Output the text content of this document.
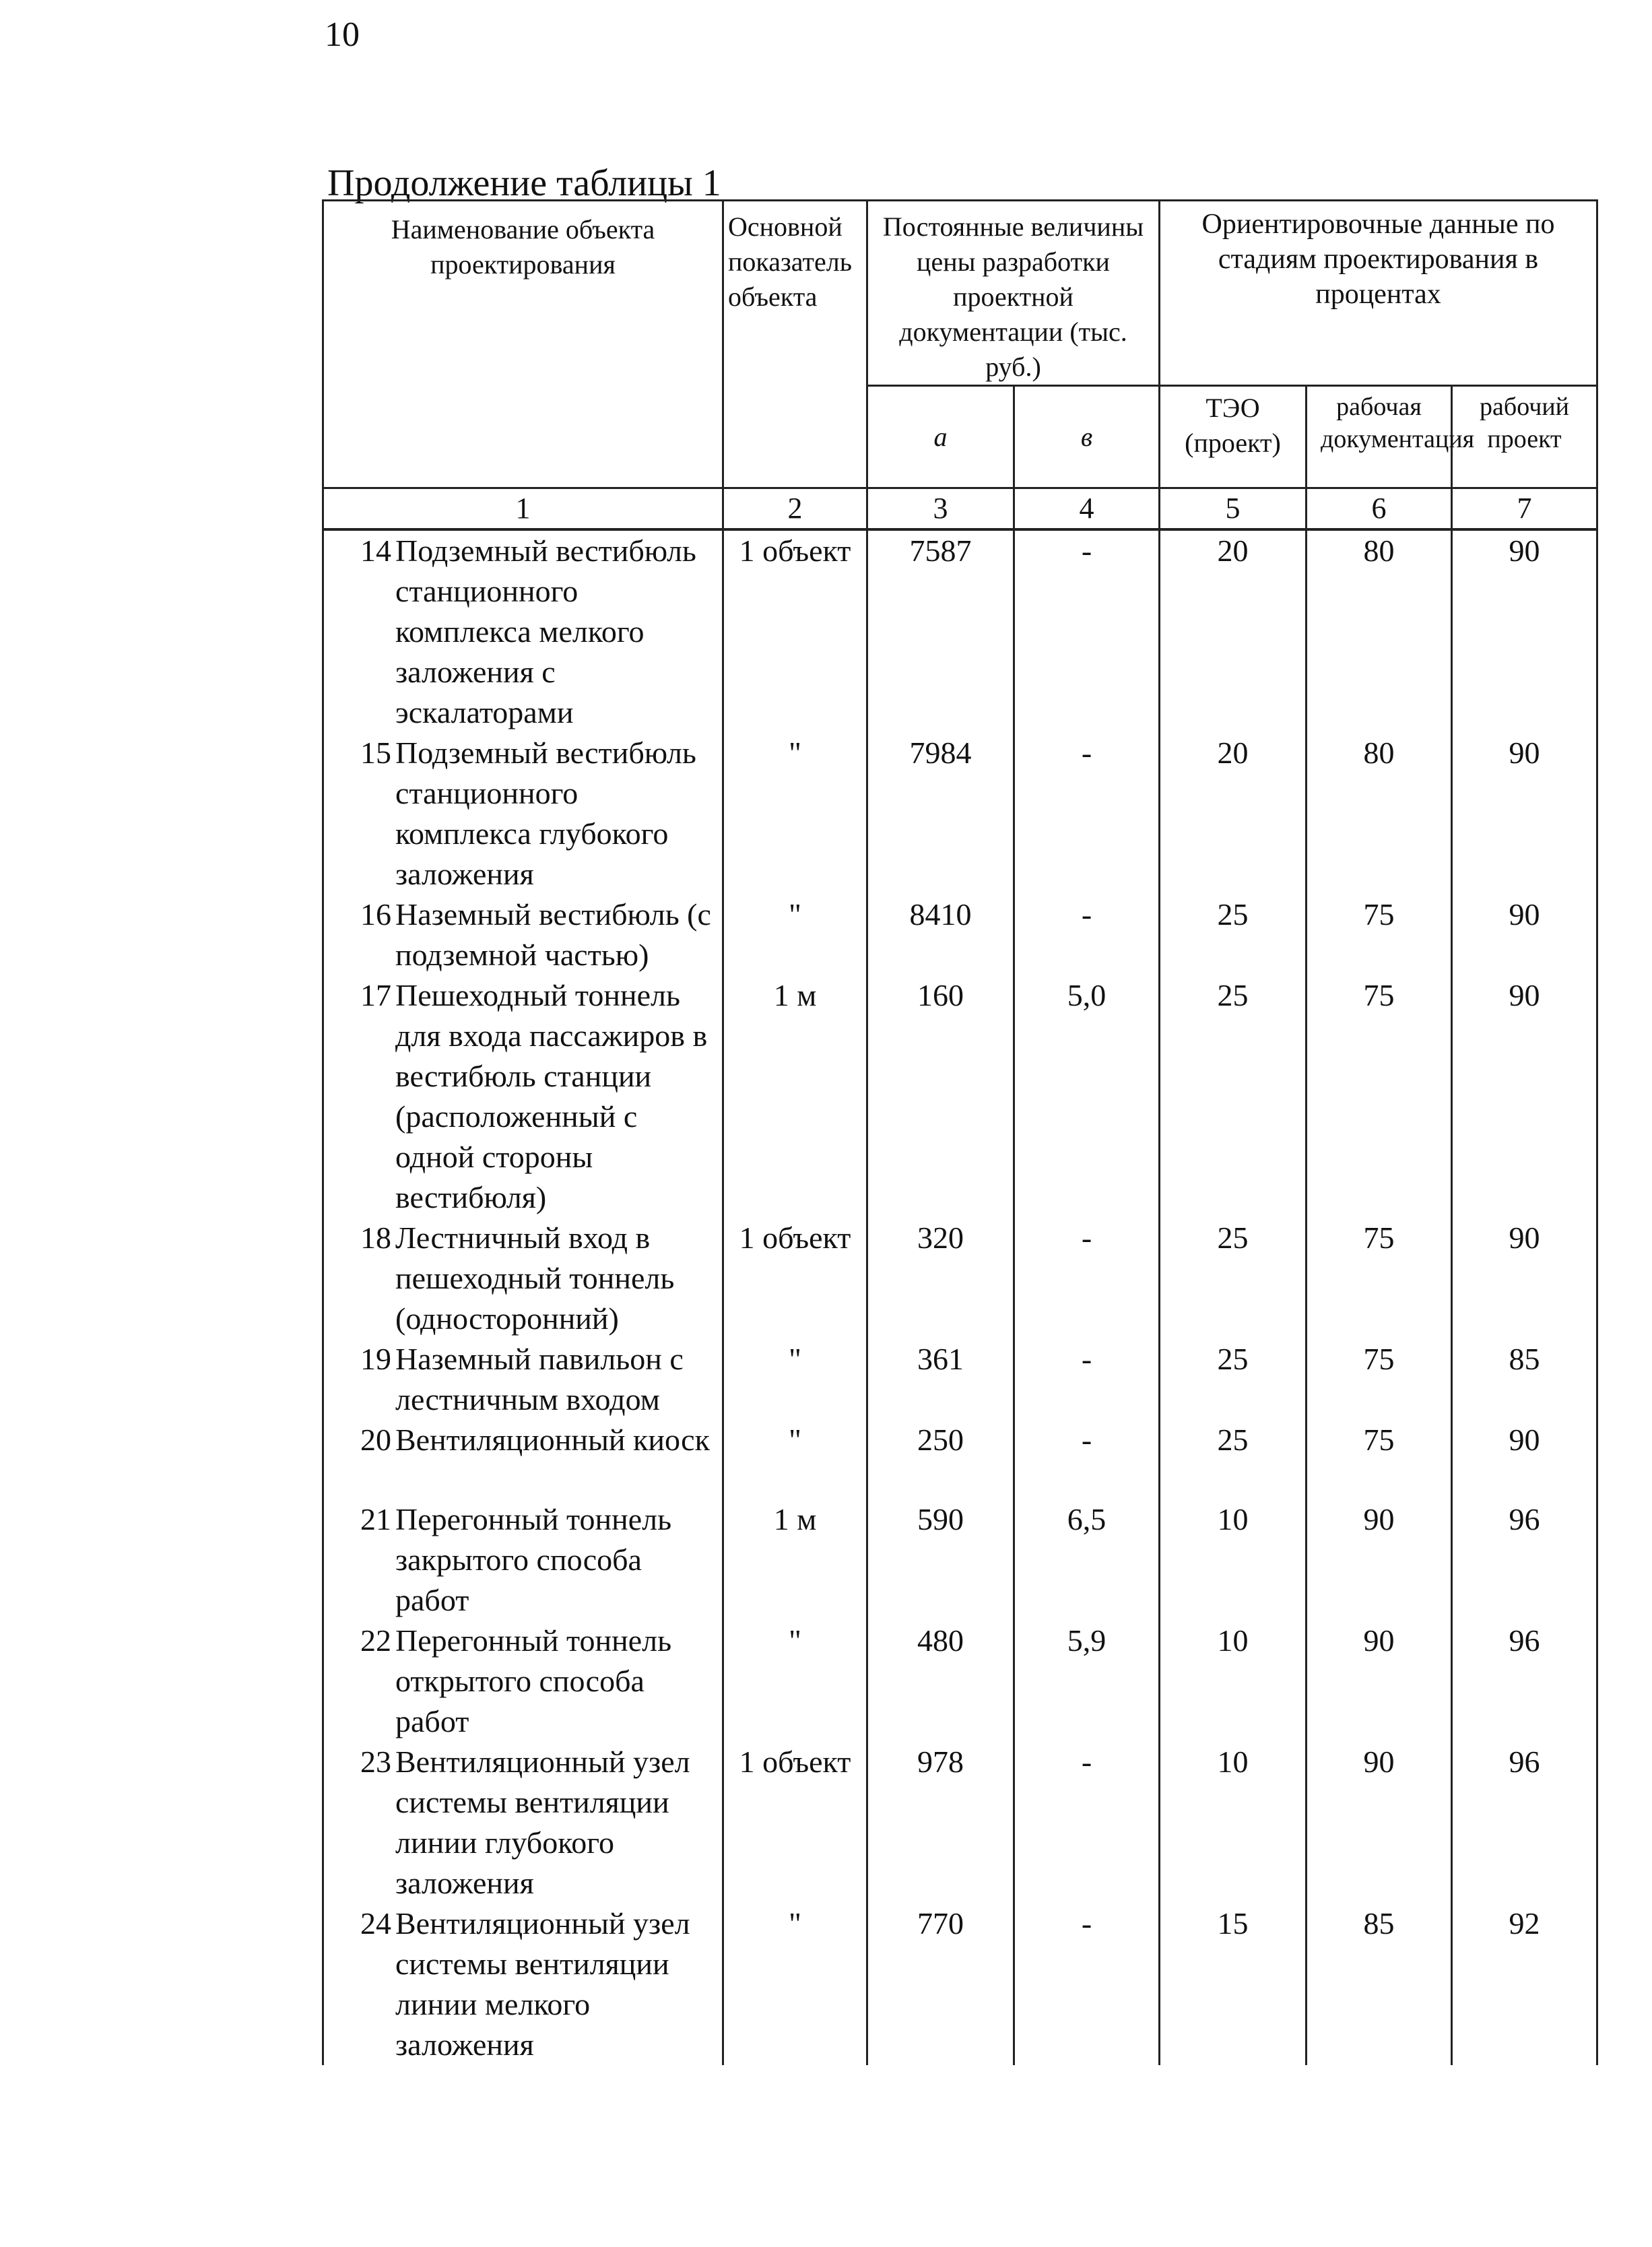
10
Продолжение таблицы 1
Наименование объекта проектирования	Основной показатель объекта	Постоянные величины цены разработки проектной документации (тыс. руб.)		Ориентировочные данные по стадиям проектирования в процентах		
		а	в	ТЭО (проект)	рабочая документация	рабочий проект
1	2	3	4	5	6	7

14 Подземный вестибюль станционного комплекса мелкого заложения с эскалаторами	1 объект	7587	-	20	80	90

15 Подземный вестибюль станционного комплекса глубокого заложения	"	7984	-	20	80	90

16 Наземный вестибюль (с подземной частью)	"	8410	-	25	75	90

17 Пешеходный тоннель для входа пассажиров в вестибюль станции (расположенный с одной стороны вестибюля)	1 м	160	5,0	25	75	90

18 Лестничный вход в пешеходный тоннель (односторонний)	1 объект	320	-	25	75	90

19 Наземный павильон с лестничным входом	"	361	-	25	75	85

20 Вентиляционный киоск	"	250	-	25	75	90

21 Перегонный тоннель закрытого способа работ	1 м	590	6,5	10	90	96

22 Перегонный тоннель открытого способа работ	"	480	5,9	10	90	96

23 Вентиляционный узел системы вентиляции линии глубокого заложения	1 объект	978	-	10	90	96

24 Вентиляционный узел системы вентиляции линии мелкого заложения	"	770	-	15	85	92
